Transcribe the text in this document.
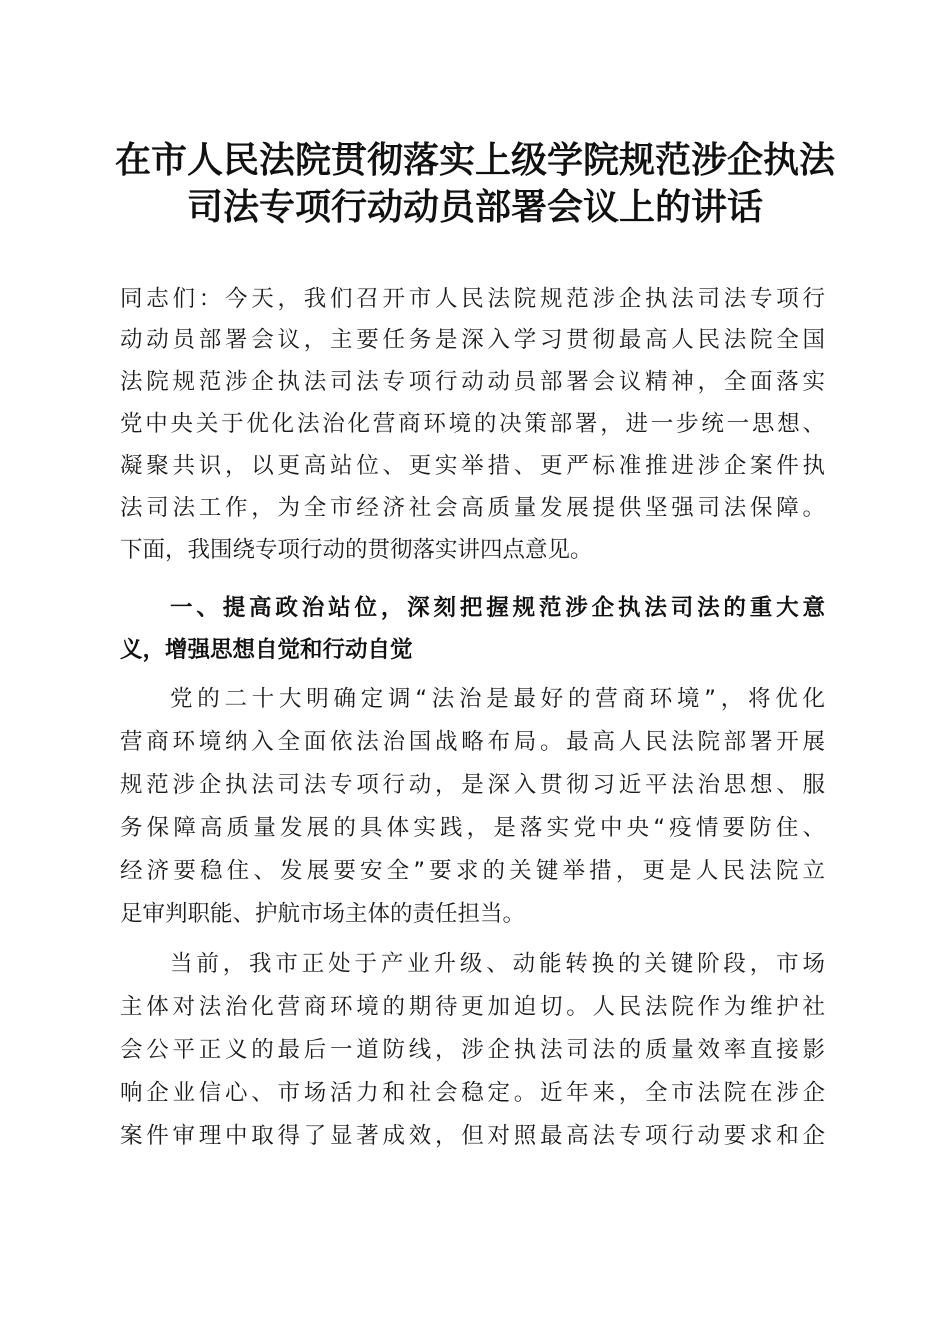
在市人民法院贯彻落实上级学院规范涉企执法
司法专项行动动员部署会议上的讲话
同志们：今天，我们召开市人民法院规范涉企执法司法专项行
动动员部署会议，主要任务是深入学习贯彻最高人民法院全国
法院规范涉企执法司法专项行动动员部署会议精神，全面落实
党中央关于优化法治化营商环境的决策部署，进一步统一思想、
凝聚共识，以更高站位、更实举措、更严标准推进涉企案件执
法司法工作，为全市经济社会高质量发展提供坚强司法保障。
下面，我围绕专项行动的贯彻落实讲四点意见。
一、提高政治站位，深刻把握规范涉企执法司法的重大意
义，增强思想自觉和行动自觉
党的二十大明确定调“法治是最好的营商环境”，将优化
营商环境纳入全面依法治国战略布局。最高人民法院部署开展
规范涉企执法司法专项行动，是深入贯彻习近平法治思想、服
务保障高质量发展的具体实践，是落实党中央“疫情要防住、
经济要稳住、发展要安全”要求的关键举措，更是人民法院立
足审判职能、护航市场主体的责任担当。
当前，我市正处于产业升级、动能转换的关键阶段，市场
主体对法治化营商环境的期待更加迫切。人民法院作为维护社
会公平正义的最后一道防线，涉企执法司法的质量效率直接影
响企业信心、市场活力和社会稳定。近年来，全市法院在涉企
案件审理中取得了显著成效，但对照最高法专项行动要求和企
